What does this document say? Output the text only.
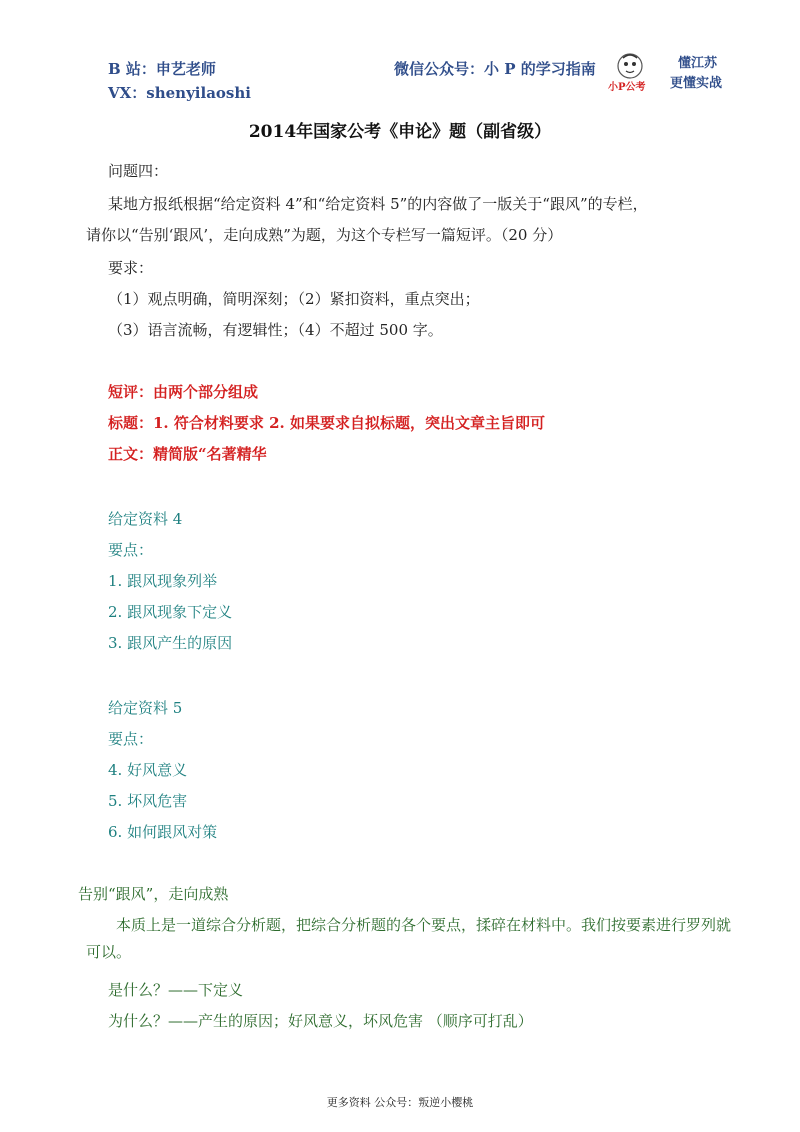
B 站：申艺老师
VX：shenyilaoshi
微信公众号：小 P 的学习指南
小P公考
懂江苏
更懂实战
2014年国家公考《申论》题（副省级）
问题四：
某地方报纸根据“给定资料 4”和“给定资料 5”的内容做了一版关于“跟风”的专栏，
请你以“告别‘跟风’，走向成熟”为题，为这个专栏写一篇短评。（20 分）
要求：
（1）观点明确，简明深刻；（2）紧扣资料，重点突出；
（3）语言流畅，有逻辑性；（4）不超过 500 字。
短评：由两个部分组成
标题：1. 符合材料要求 2. 如果要求自拟标题，突出文章主旨即可
正文：精简版“名著精华
给定资料 4
要点：
1. 跟风现象列举
2. 跟风现象下定义
3. 跟风产生的原因
给定资料 5
要点：
4. 好风意义
5. 坏风危害
6. 如何跟风对策
告别“跟风”，走向成熟
本质上是一道综合分析题，把综合分析题的各个要点，揉碎在材料中。我们按要素进行罗列就可以。
是什么？——下定义
为什么？——产生的原因；好风意义，坏风危害 （顺序可打乱）
更多资料 公众号：叛逆小樱桃
